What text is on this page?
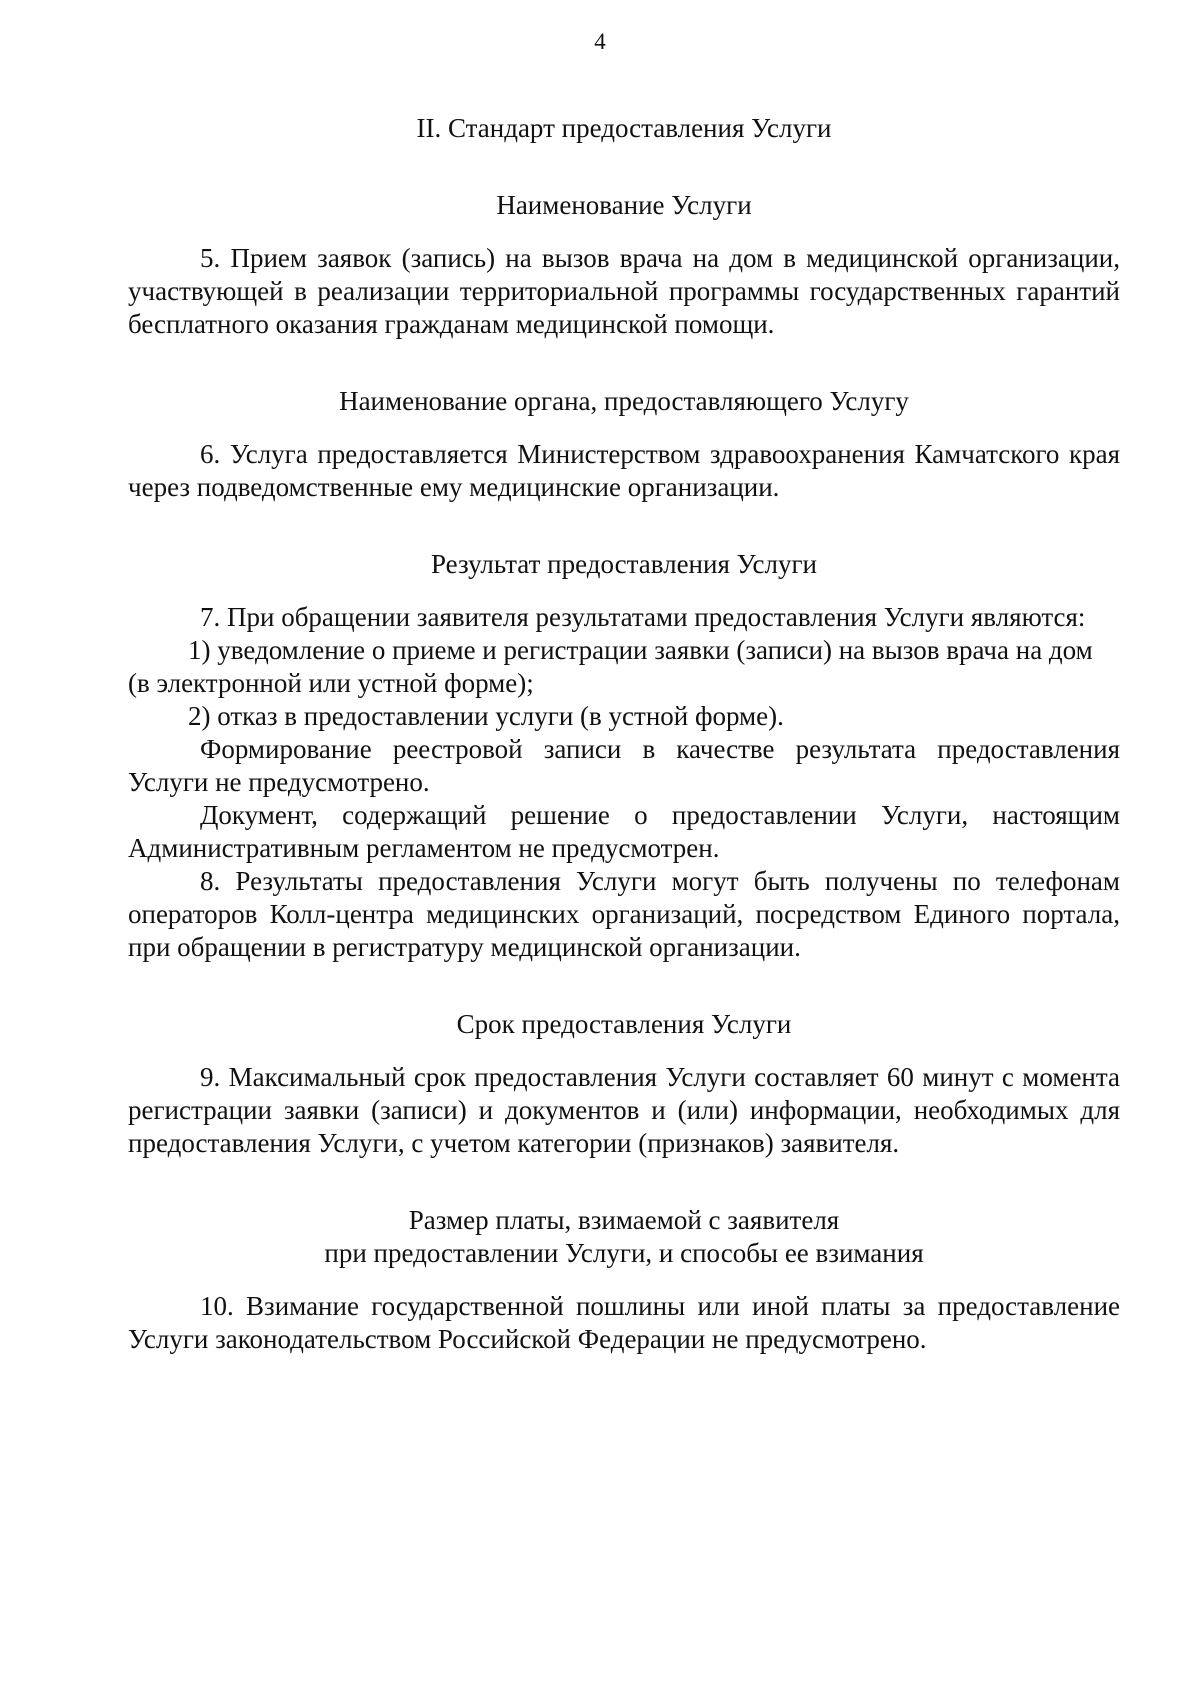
4

II. Стандарт предоставления Услуги

Наименование Услуги

5. Прием заявок (запись) на вызов врача на дом в медицинской организации, участвующей в реализации территориальной программы государственных гарантий бесплатного оказания гражданам медицинской помощи.

Наименование органа, предоставляющего Услугу

6. Услуга предоставляется Министерством здравоохранения Камчатского края через подведомственные ему медицинские организации.

Результат предоставления Услуги

7. При обращении заявителя результатами предоставления Услуги являются:

1) уведомление о приеме и регистрации заявки (записи) на вызов врача на дом (в электронной или устной форме);

2) отказ в предоставлении услуги (в устной форме).

Формирование реестровой записи в качестве результата предоставления Услуги не предусмотрено.

Документ, содержащий решение о предоставлении Услуги, настоящим Административным регламентом не предусмотрен.

8. Результаты предоставления Услуги могут быть получены по телефонам операторов Колл-центра медицинских организаций, посредством Единого портала, при обращении в регистратуру медицинской организации.

Срок предоставления Услуги

9. Максимальный срок предоставления Услуги составляет 60 минут с момента регистрации заявки (записи) и документов и (или) информации, необходимых для предоставления Услуги, с учетом категории (признаков) заявителя.

Размер платы, взимаемой с заявителя

при предоставлении Услуги, и способы ее взимания

10. Взимание государственной пошлины или иной платы за предоставление Услуги законодательством Российской Федерации не предусмотрено.
